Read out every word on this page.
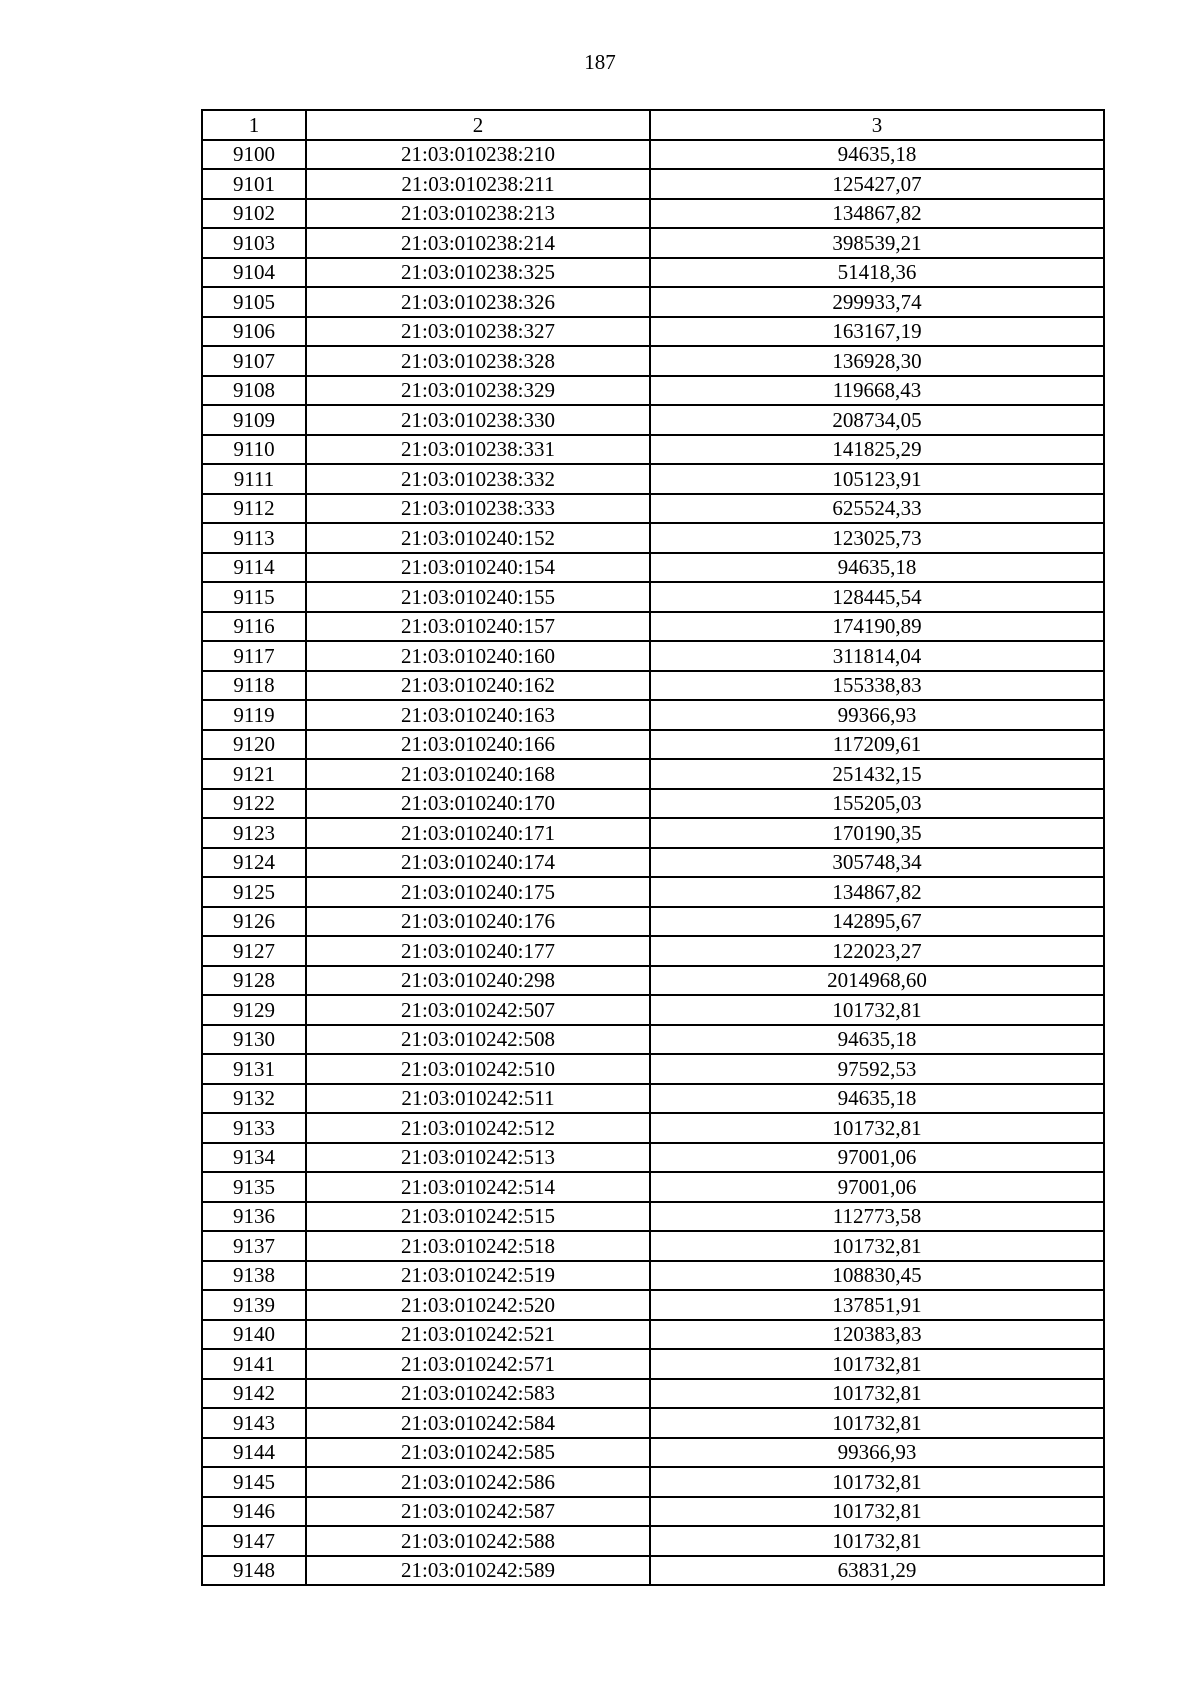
187
1	2	3
9100	21:03:010238:210	94635,18
9101	21:03:010238:211	125427,07
9102	21:03:010238:213	134867,82
9103	21:03:010238:214	398539,21
9104	21:03:010238:325	51418,36
9105	21:03:010238:326	299933,74
9106	21:03:010238:327	163167,19
9107	21:03:010238:328	136928,30
9108	21:03:010238:329	119668,43
9109	21:03:010238:330	208734,05
9110	21:03:010238:331	141825,29
9111	21:03:010238:332	105123,91
9112	21:03:010238:333	625524,33
9113	21:03:010240:152	123025,73
9114	21:03:010240:154	94635,18
9115	21:03:010240:155	128445,54
9116	21:03:010240:157	174190,89
9117	21:03:010240:160	311814,04
9118	21:03:010240:162	155338,83
9119	21:03:010240:163	99366,93
9120	21:03:010240:166	117209,61
9121	21:03:010240:168	251432,15
9122	21:03:010240:170	155205,03
9123	21:03:010240:171	170190,35
9124	21:03:010240:174	305748,34
9125	21:03:010240:175	134867,82
9126	21:03:010240:176	142895,67
9127	21:03:010240:177	122023,27
9128	21:03:010240:298	2014968,60
9129	21:03:010242:507	101732,81
9130	21:03:010242:508	94635,18
9131	21:03:010242:510	97592,53
9132	21:03:010242:511	94635,18
9133	21:03:010242:512	101732,81
9134	21:03:010242:513	97001,06
9135	21:03:010242:514	97001,06
9136	21:03:010242:515	112773,58
9137	21:03:010242:518	101732,81
9138	21:03:010242:519	108830,45
9139	21:03:010242:520	137851,91
9140	21:03:010242:521	120383,83
9141	21:03:010242:571	101732,81
9142	21:03:010242:583	101732,81
9143	21:03:010242:584	101732,81
9144	21:03:010242:585	99366,93
9145	21:03:010242:586	101732,81
9146	21:03:010242:587	101732,81
9147	21:03:010242:588	101732,81
9148	21:03:010242:589	63831,29
